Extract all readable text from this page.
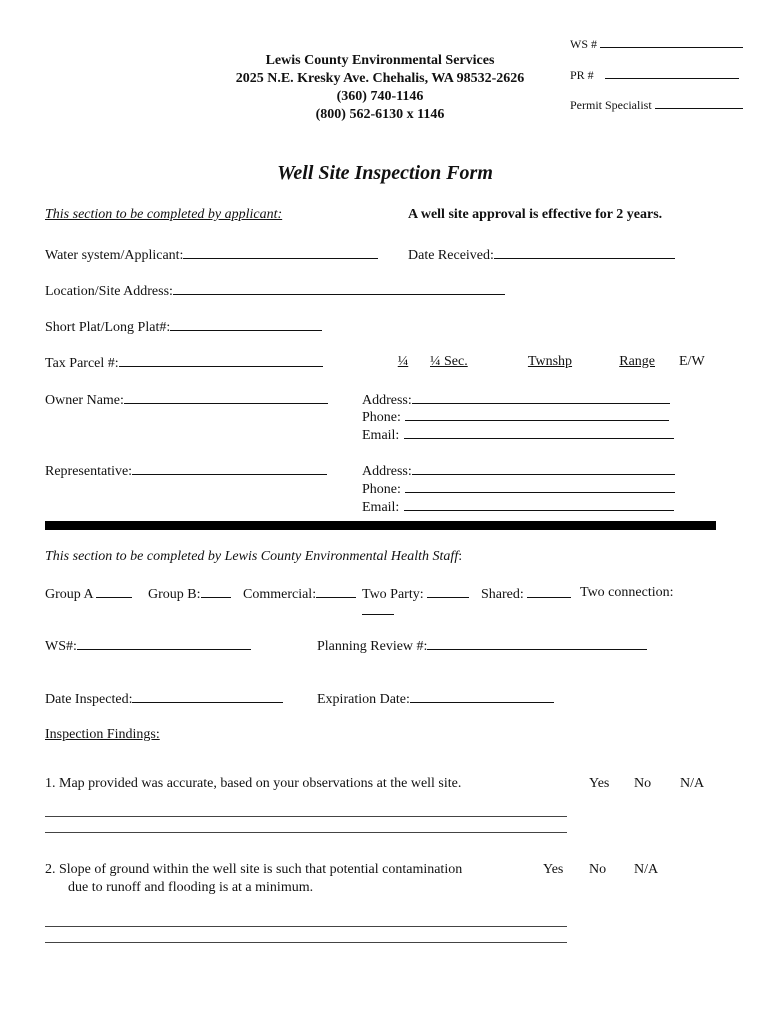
Lewis County Environmental Services
2025 N.E. Kresky Ave. Chehalis, WA 98532-2626
(360) 740-1146
(800) 562-6130 x 1146
WS #
PR #
Permit Specialist
Well Site Inspection Form
This section to be completed by applicant:	A well site approval is effective for 2 years.
Water system/Applicant:	Date Received:
Location/Site Address:
Short Plat/Long Plat#:
Tax Parcel #:	¼	¼ Sec.	Twnshp	Range E/W
Owner Name:	Address:
Phone:
Email:
Representative:	Address:
Phone:
Email:
This section to be completed by Lewis County Environmental Health Staff:
Group A	Group B:	Commercial:	Two Party:	Shared:	Two connection:
WS#:	Planning Review #:
Date Inspected:	Expiration Date:
Inspection Findings:
1. Map provided was accurate, based on your observations at the well site.	Yes No N/A
2. Slope of ground within the well site is such that potential contamination
due to runoff and flooding is at a minimum.
Yes No N/A
